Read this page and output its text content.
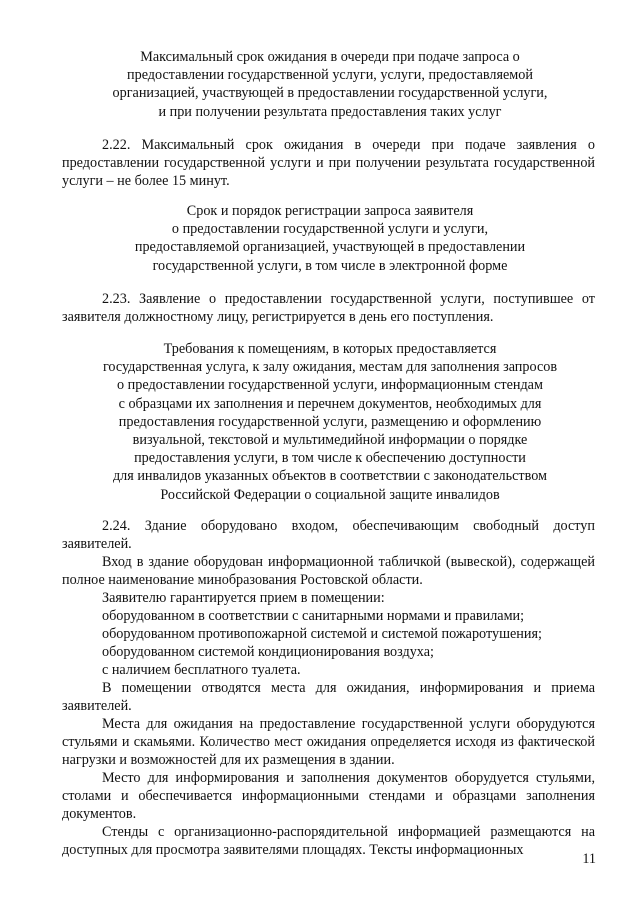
Максимальный срок ожидания в очереди при подаче запроса о
предоставлении государственной услуги, услуги, предоставляемой
организацией, участвующей в предоставлении государственной услуги,
и при получении результата предоставления таких услуг
2.22. Максимальный срок ожидания в очереди при подаче заявления о предоставлении государственной услуги и при получении результата государственной услуги – не более 15 минут.
Срок и порядок регистрации запроса заявителя
о предоставлении государственной услуги и услуги,
предоставляемой организацией, участвующей в предоставлении
государственной услуги, в том числе в электронной форме
2.23. Заявление о предоставлении государственной услуги, поступившее от заявителя должностному лицу, регистрируется в день его поступления.
Требования к помещениям, в которых предоставляется
государственная услуга, к залу ожидания, местам для заполнения запросов
о предоставлении государственной услуги, информационным стендам
с образцами их заполнения и перечнем документов, необходимых для
предоставления государственной услуги, размещению и оформлению
визуальной, текстовой и мультимедийной информации о порядке
предоставления услуги, в том числе к обеспечению доступности
для инвалидов указанных объектов в соответствии с законодательством
Российской Федерации о социальной защите инвалидов
2.24. Здание оборудовано входом, обеспечивающим свободный доступ заявителей.
Вход в здание оборудован информационной табличкой (вывеской), содержащей полное наименование минобразования Ростовской области.
Заявителю гарантируется прием в помещении:
оборудованном в соответствии с санитарными нормами и правилами;
оборудованном противопожарной системой и системой пожаротушения;
оборудованном системой кондиционирования воздуха;
с наличием бесплатного туалета.
В помещении отводятся места для ожидания, информирования и приема заявителей.
Места для ожидания на предоставление государственной услуги оборудуются стульями и скамьями. Количество мест ожидания определяется исходя из фактической нагрузки и возможностей для их размещения в здании.
Место для информирования и заполнения документов оборудуется стульями, столами и обеспечивается информационными стендами и образцами заполнения документов.
Стенды с организационно-распорядительной информацией размещаются на доступных для просмотра заявителями площадях. Тексты информационных
11
